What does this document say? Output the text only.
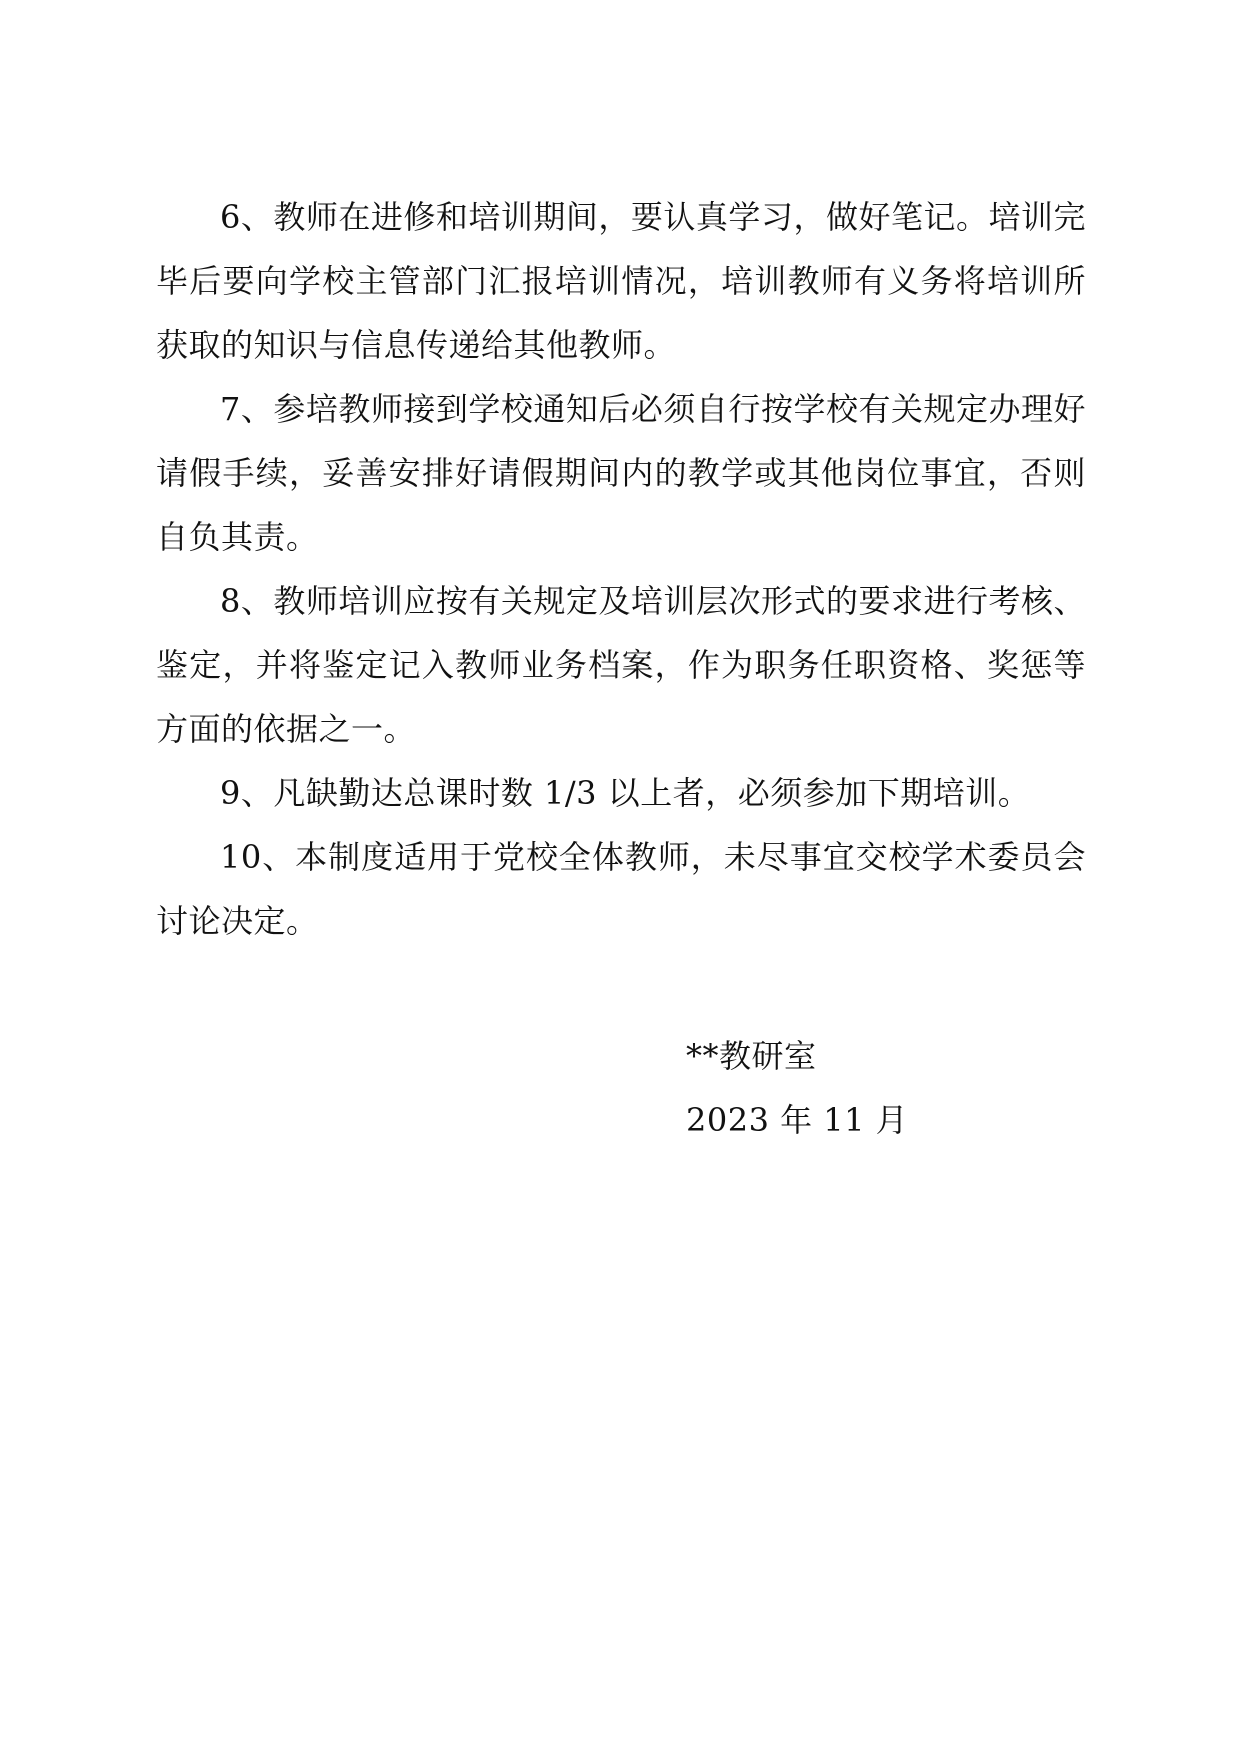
6、教师在进修和培训期间，要认真学习，做好笔记。培训完毕后要向学校主管部门汇报培训情况，培训教师有义务将培训所获取的知识与信息传递给其他教师。

7、参培教师接到学校通知后必须自行按学校有关规定办理好请假手续，妥善安排好请假期间内的教学或其他岗位事宜，否则自负其责。

8、教师培训应按有关规定及培训层次形式的要求进行考核、鉴定，并将鉴定记入教师业务档案，作为职务任职资格、奖惩等方面的依据之一。

9、凡缺勤达总课时数 1/3 以上者，必须参加下期培训。

10、本制度适用于党校全体教师，未尽事宜交校学术委员会讨论决定。

**教研室

2023 年 11 月
